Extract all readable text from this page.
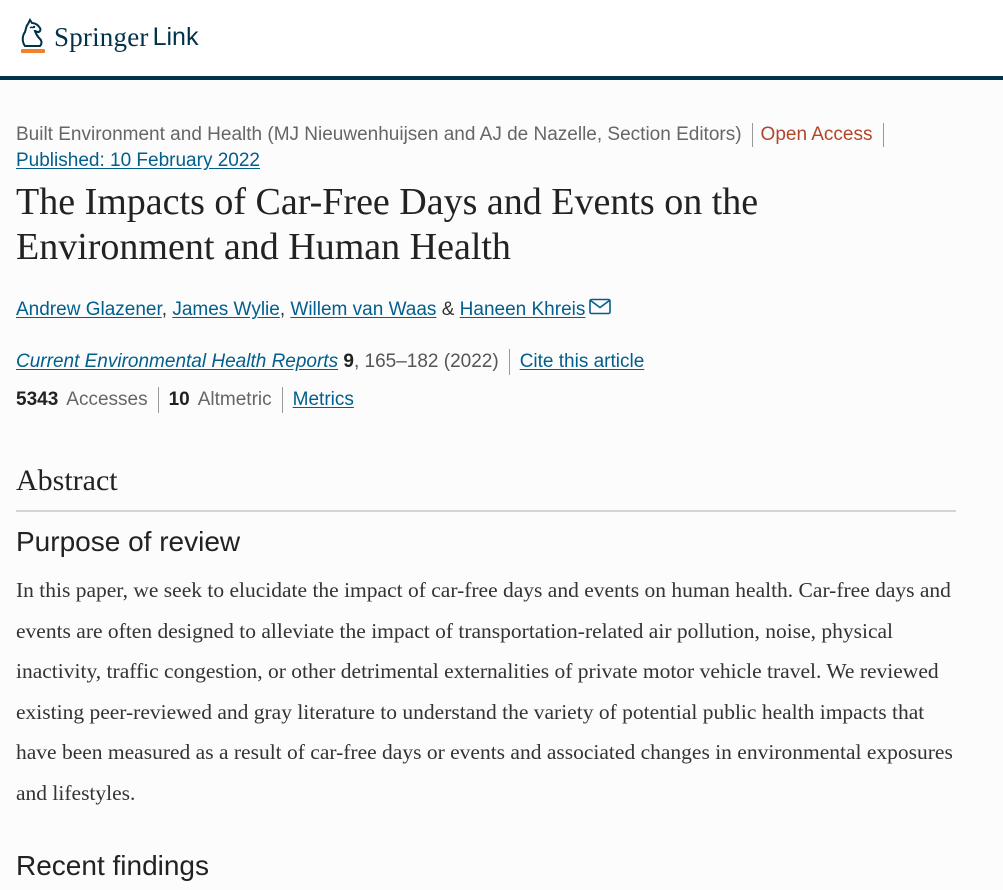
Springer Link
Built Environment and Health (MJ Nieuwenhuijsen and AJ de Nazelle, Section Editors) Open Access
Published: 10 February 2022
The Impacts of Car-Free Days and Events on the Environment and Human Health
Andrew Glazener, James Wylie, Willem van Waas & Haneen Khreis
Current Environmental Health Reports 9, 165–182 (2022) Cite this article
5343 Accesses 10 Altmetric Metrics
Abstract
Purpose of review

In this paper, we seek to elucidate the impact of car-free days and events on human health. Car-free days and events are often designed to alleviate the impact of transportation-related air pollution, noise, physical inactivity, traffic congestion, or other detrimental externalities of private motor vehicle travel. We reviewed existing peer-reviewed and gray literature to understand the variety of potential public health impacts that have been measured as a result of car-free days or events and associated changes in environmental exposures and lifestyles.

Recent findings
